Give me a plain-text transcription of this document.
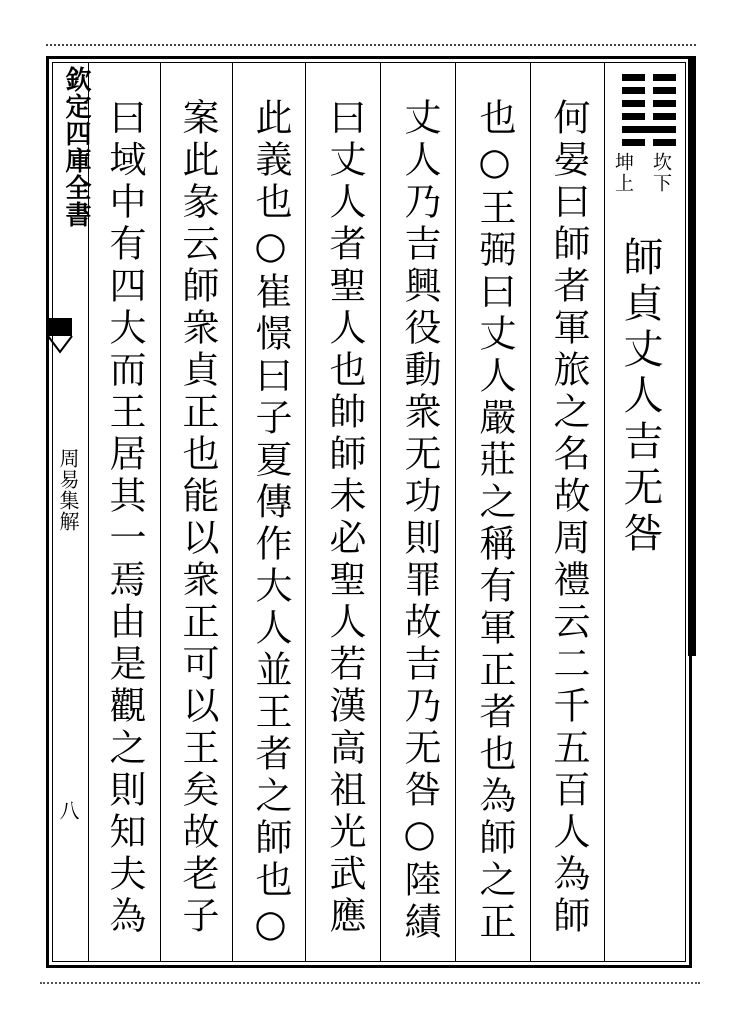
欽定四庫全書
周易集解
八
坎下
坤上
師貞丈人吉无咎
何晏曰師者軍旅之名故周禮云二千五百人為師
也○王弼曰丈人嚴莊之稱有軍正者也為師之正
丈人乃吉興役動衆无功則罪故吉乃无咎○陸績
曰丈人者聖人也帥師未必聖人若漢高祖光武應
此義也○崔憬曰子夏傳作大人並王者之師也○
案此彖云師衆貞正也能以衆正可以王矣故老子
曰域中有四大而王居其一焉由是觀之則知夫為
